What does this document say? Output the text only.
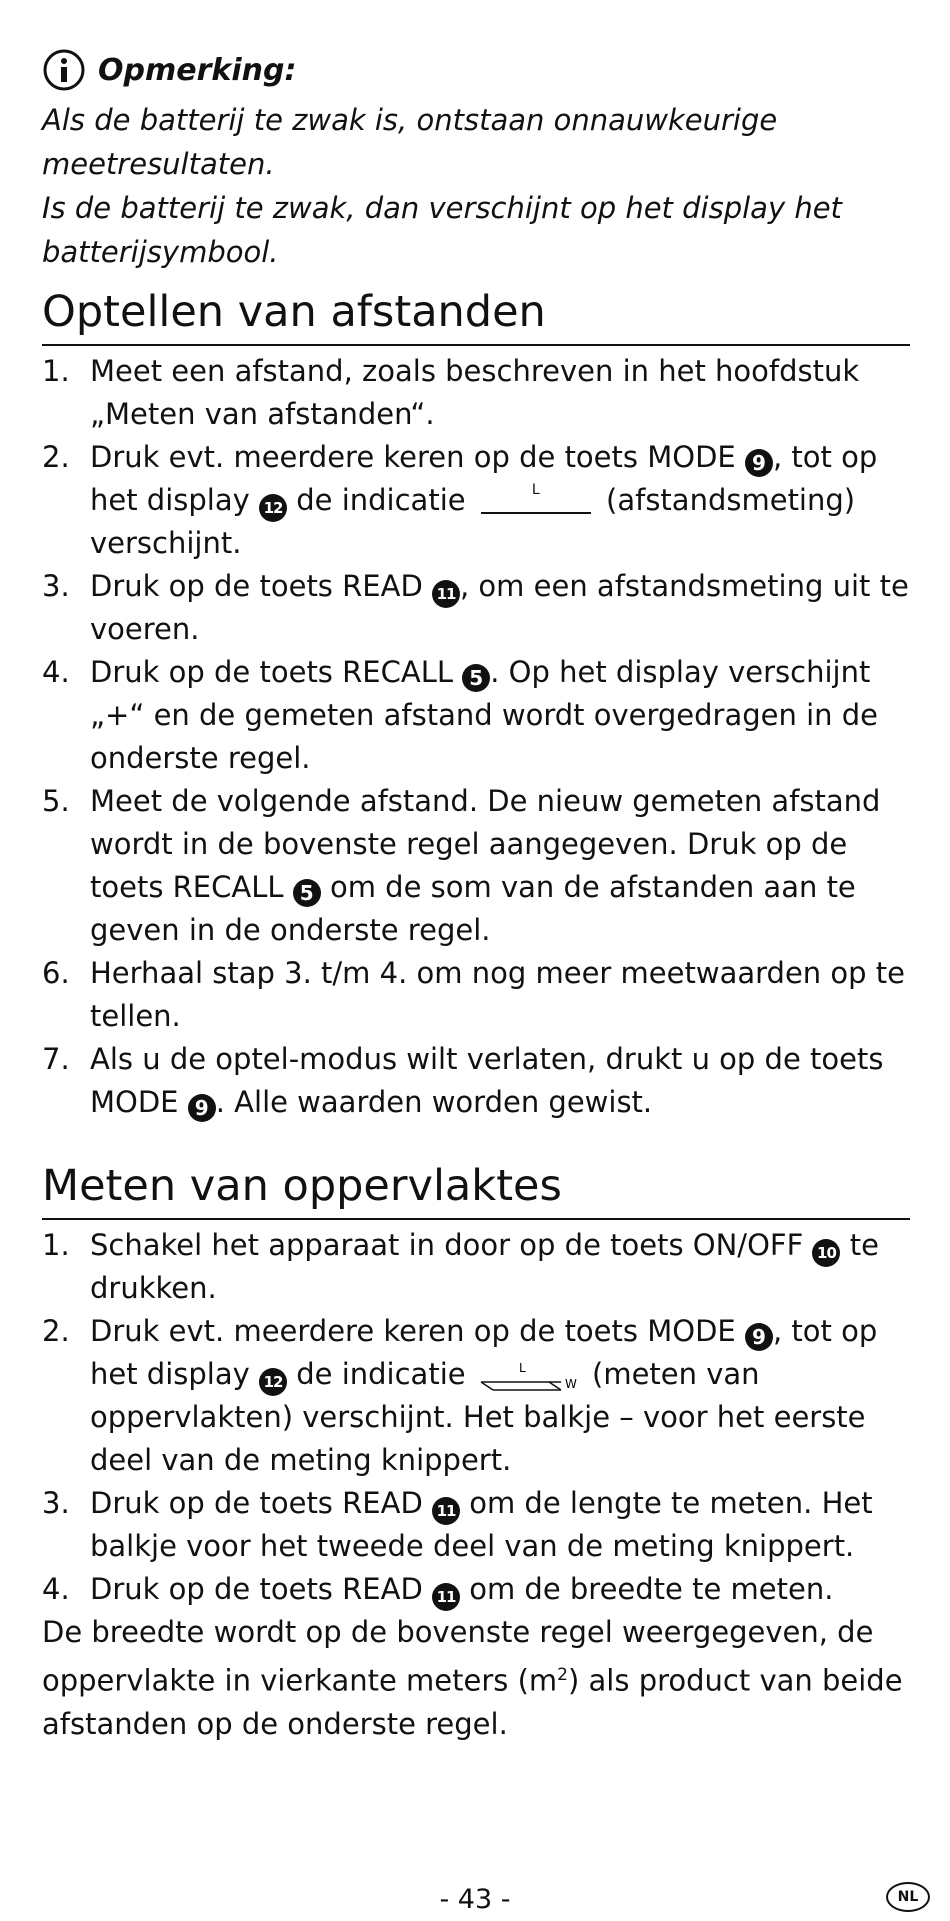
Opmerking:
Als de batterij te zwak is, ontstaan onnauwkeurige meetresultaten.
Is de batterij te zwak, dan verschijnt op het display het
batterijsymbool.
Optellen van afstanden
1. Meet een afstand, zoals beschreven in het hoofdstuk „Meten van afstanden“.
2. Druk evt. meerdere keren op de toets MODE 9 , tot op het display 12 de indicatie	L	(afstandsmeting) verschijnt.
3. Druk op de toets READ 11 , om een afstandsmeting uit te voeren.
4. Druk op de toets RECALL 5 . Op het display verschijnt „+“ en de gemeten afstand wordt overgedragen in de onderste regel.
5. Meet de volgende afstand. De nieuw gemeten afstand wordt in de bovenste regel aangegeven. Druk op de toets RECALL 5 om de som van de afstanden aan te geven in de onderste regel.
6. Herhaal stap 3. t/m 4. om nog meer meetwaarden op te tellen.
7. Als u de optel-modus wilt verlaten, drukt u op de toets MODE 9 . Alle waarden worden gewist.
Meten van oppervlaktes
1. Schakel het apparaat in door op de toets ON/OFF 10 te drukken.
2. Druk evt. meerdere keren op de toets MODE 9 , tot op het display 12 de indicatie	L
W (meten van oppervlakten) verschijnt. Het balkje – voor het eerste deel van de meting knippert.
3. Druk op de toets READ 11 om de lengte te meten. Het balkje voor het tweede deel van de meting knippert.
4. Druk op de toets READ 11 om de breedte te meten.

De breedte wordt op de bovenste regel weergegeven, de oppervlakte in vierkante meters $(m^2)$ als product van beide afstanden op de onderste regel.

- 43 -	NL
